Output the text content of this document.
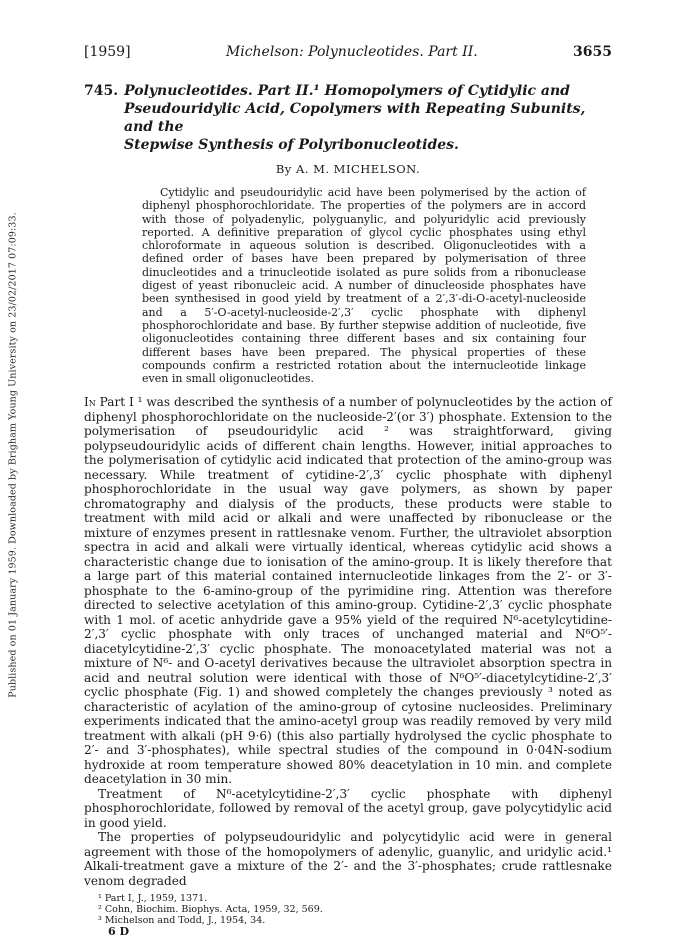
Published on 01 January 1959. Downloaded by Brigham Young University on 23/02/2017 07:09:33.
[1959]	Michelson: Polynucleotides. Part II.	3655
745. Polynucleotides. Part II.¹ Homopolymers of Cytidylic and
Pseudouridylic Acid, Copolymers with Repeating Subunits, and the
Stepwise Synthesis of Polyribonucleotides.
By A. M. MICHELSON.

Cytidylic and pseudouridylic acid have been polymerised by the action of diphenyl phosphorochloridate. The properties of the polymers are in accord with those of polyadenylic, polyguanylic, and polyuridylic acid previously reported. A definitive preparation of glycol cyclic phosphates using ethyl chloroformate in aqueous solution is described. Oligonucleotides with a defined order of bases have been prepared by polymerisation of three dinucleotides and a trinucleotide isolated as pure solids from a ribonuclease digest of yeast ribonucleic acid. A number of dinucleoside phosphates have been synthesised in good yield by treatment of a 2′,3′-di-O-acetyl-nucleoside and a 5′-O-acetyl-nucleoside-2′,3′ cyclic phosphate with diphenyl phosphorochloridate and base. By further stepwise addition of nucleotide, five oligonucleotides containing three different bases and six containing four different bases have been prepared. The physical properties of these compounds confirm a restricted rotation about the internucleotide linkage even in small oligonucleotides.

In Part I ¹ was described the synthesis of a number of polynucleotides by the action of diphenyl phosphorochloridate on the nucleoside-2′(or 3′) phosphate. Extension to the polymerisation of pseudouridylic acid ² was straightforward, giving polypseudouridylic acids of different chain lengths. However, initial approaches to the polymerisation of cytidylic acid indicated that protection of the amino-group was necessary. While treatment of cytidine-2′,3′ cyclic phosphate with diphenyl phosphorochloridate in the usual way gave polymers, as shown by paper chromatography and dialysis of the products, these products were stable to treatment with mild acid or alkali and were unaffected by ribonuclease or the mixture of enzymes present in rattlesnake venom. Further, the ultraviolet absorption spectra in acid and alkali were virtually identical, whereas cytidylic acid shows a characteristic change due to ionisation of the amino-group. It is likely therefore that a large part of this material contained internucleotide linkages from the 2′- or 3′-phosphate to the 6-amino-group of the pyrimidine ring. Attention was therefore directed to selective acetylation of this amino-group. Cytidine-2′,3′ cyclic phosphate with 1 mol. of acetic anhydride gave a 95% yield of the required N⁶-acetylcytidine-2′,3′ cyclic phosphate with only traces of unchanged material and N⁶O⁵′-diacetylcytidine-2′,3′ cyclic phosphate. The monoacetylated material was not a mixture of N⁶- and O-acetyl derivatives because the ultraviolet absorption spectra in acid and neutral solution were identical with those of N⁶O⁵′-diacetylcytidine-2′,3′ cyclic phosphate (Fig. 1) and showed completely the changes previously ³ noted as characteristic of acylation of the amino-group of cytosine nucleosides. Preliminary experiments indicated that the amino-acetyl group was readily removed by very mild treatment with alkali (pH 9·6) (this also partially hydrolysed the cyclic phosphate to 2′- and 3′-phosphates), while spectral studies of the compound in 0·04N-sodium hydroxide at room temperature showed 80% deacetylation in 10 min. and complete deacetylation in 30 min.

Treatment of N⁶-acetylcytidine-2′,3′ cyclic phosphate with diphenyl phosphorochloridate, followed by removal of the acetyl group, gave polycytidylic acid in good yield.

The properties of polypseudouridylic and polycytidylic acid were in general agreement with those of the homopolymers of adenylic, guanylic, and uridylic acid.¹ Alkali-treatment gave a mixture of the 2′- and the 3′-phosphates; crude rattlesnake venom degraded

¹ Part I, J., 1959, 1371.
² Cohn, Biochim. Biophys. Acta, 1959, 32, 569.
³ Michelson and Todd, J., 1954, 34.
6 D
